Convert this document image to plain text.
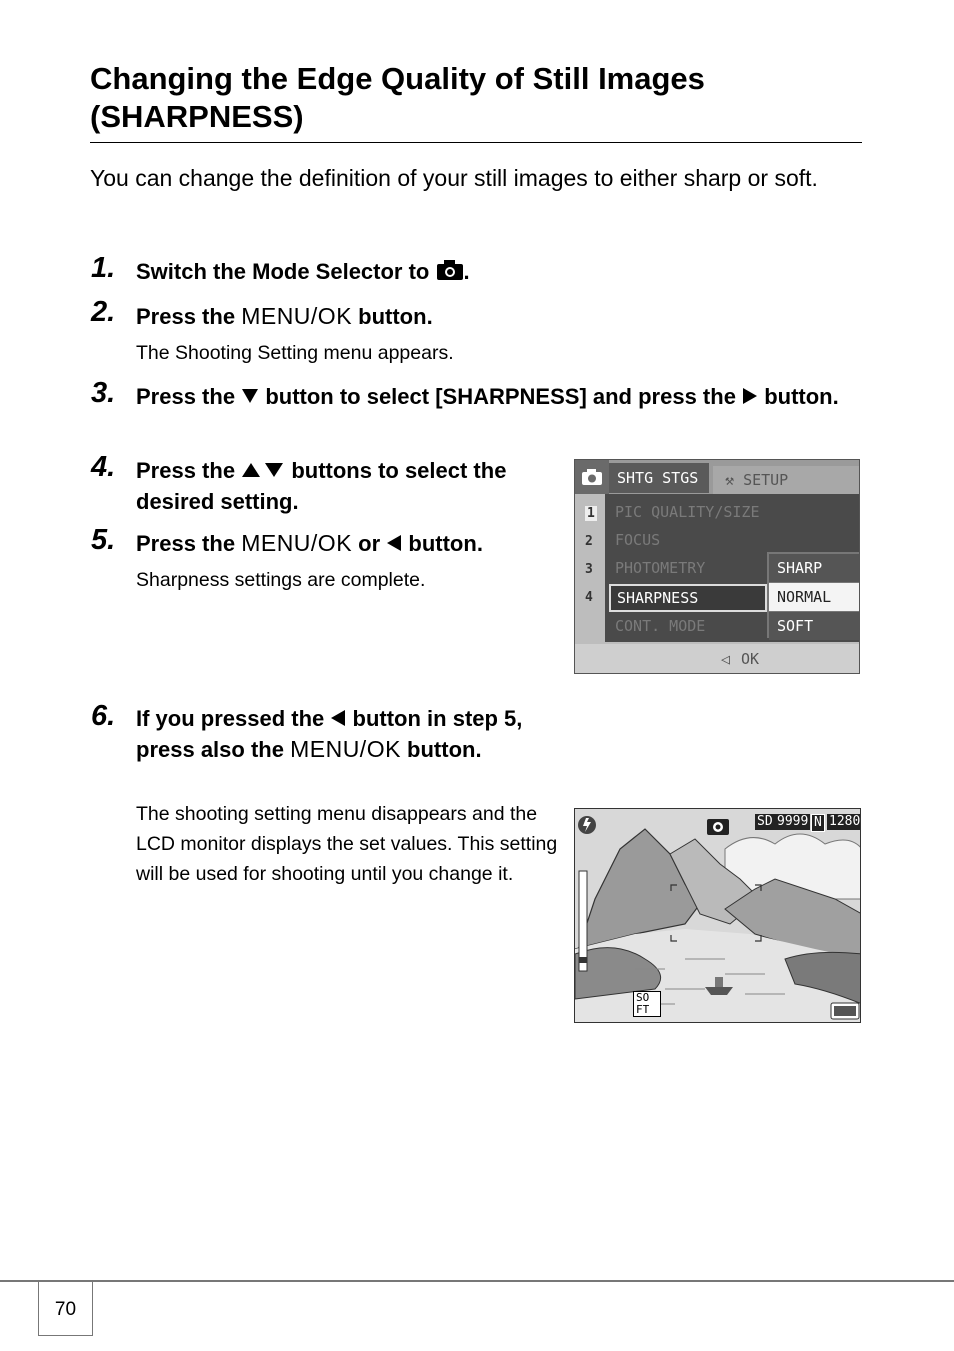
Changing the Edge Quality of Still Images (SHARPNESS)
You can change the definition of your still images to either sharp or soft.
1. Switch the Mode Selector to .
2. Press the MENU/OK button.
The Shooting Setting menu appears.
3. Press the button to select [SHARPNESS] and press the button.
4. Press the	buttons to select the desired setting.
5. Press the MENU/OK or button.
Sharpness settings are complete.
6. If you pressed the button in step 5, press also the MENU/OK button.
The shooting setting menu disappears and the LCD monitor displays the set values. This setting will be used for shooting until you change it.
SHTG STGS	⚒ SETUP
1
2
3
4
PIC QUALITY/SIZE
FOCUS
PHOTOMETRY
SHARPNESS
CONT. MODE
SHARP
NORMAL
SOFT
◁ OK
SD 9999 N 1280
SO FT
70
